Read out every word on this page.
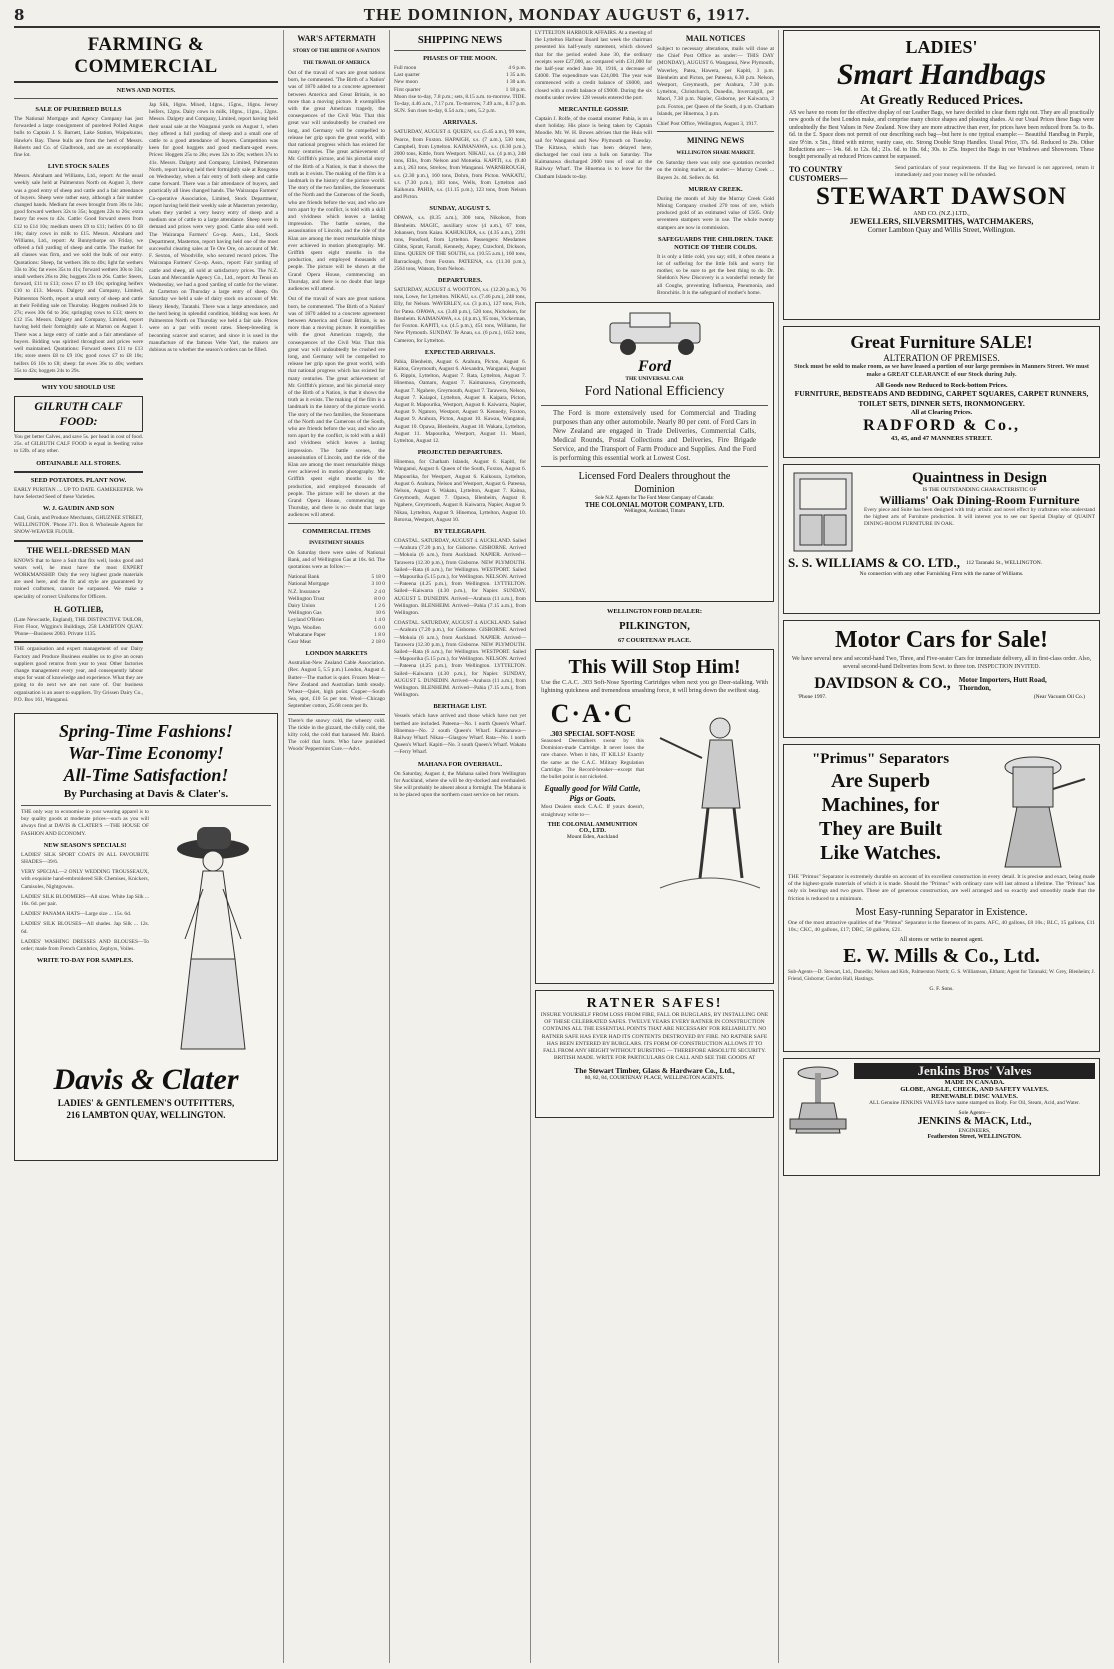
8	THE DOMINION, MONDAY AUGUST 6, 1917.
FARMING & COMMERCIAL
NEWS AND NOTES.
SALE OF PUREBRED BULLS

The National Mortgage and Agency Company has just forwarded a large consignment of purebred Polled Angus bulls to Captain J. S. Barnett, Lake Station, Waipukurau, Hawke's Bay. These bulls are from the herd of Messrs. Roberts and Co. of Gladbrook, and are an exceptionally fine lot.

LIVE STOCK SALES

Messrs. Abraham and Williams, Ltd., report: At the usual weekly sale held at Palmerston North on August 3, there was a good entry of sheep and cattle and a fair attendance of buyers. Sheep were rather easy, although a fair number changed hands. Medium fat ewes brought from 30s to 34s; good forward wethers 32s to 35s; hoggets 22s to 26s; extra heavy fat ewes to 42s. Cattle: Good forward steers from £12 to £14 10s; medium steers £9 to £11; heifers £6 to £8 10s; dairy cows in milk to £15. Messrs. Abraham and Williams, Ltd., report: At Bunnythorpe on Friday, we offered a full yarding of sheep and cattle. The market for all classes was firm, and we sold the bulk of our entry. Quotations: Sheep, fat wethers 38s to 40s; light fat wethers 33s to 36s; fat ewes 35s to 41s; forward wethers 30s to 33s; small wethers 26s to 28s; hoggets 23s to 26s. Cattle: Steers, forward, £11 to £13; cows £7 to £9 10s; springing heifers £10 to £13. Messrs. Dalgety and Company, Limited, Palmerston North, report a small entry of sheep and cattle at their Feilding sale on Thursday. Hoggets realised 24s to 27s; ewes 30s 6d to 36s; springing cows to £13; steers to £12 15s. Messrs. Dalgety and Company, Limited, report having held their fortnightly sale at Marton on August 1. There was a large entry of cattle and a fair attendance of buyers. Bidding was spirited throughout and prices were well maintained. Quotations: Forward steers £11 to £13 10s; store steers £8 to £9 10s; good cows £7 to £8 10s; heifers £6 10s to £8; sheep: fat ewes 36s to 40s; wethers 35s to 42s; hoggets 24s to 29s.

WHY YOU SHOULD USE
GILRUTH CALF FOOD:

You get better Calves, and save 5s. per head in cost of food. 25s. of GILRUTH CALF FOOD is equal in feeding value to 12lb. of any other.

OBTAINABLE ALL STORES.
SEED POTATOES. PLANT NOW.

EARLY PURITAN .... UP TO DATE. GAMEKEEPER. We have Selected Seed of these Varieties.

W. J. GAUDIN AND SON

Coal, Grain, and Produce Merchants, GHUZNEE STREET, WELLINGTON. 'Phone 371. Box 8. Wholesale Agents for SNOW-WEAVER FLOUR.

THE WELL-DRESSED MAN

KNOWS that to have a Suit that fits well, looks good and wears well, he must have the most EXPERT WORKMANSHIP. Only the very highest grade materials are used here, and the fit and style are guaranteed by trained craftsmen, cannot be surpassed. We make a speciality of correct Uniforms for Officers.

H. GOTLIEB,

(Late Newcastle, England), THE DISTINCTIVE TAILOR, First Floor, Wiggins's Buildings, 258 LAMBTON QUAY. 'Phone—Business 2003. Private 1135.

THE organisation and expert management of our Dairy Factory and Produce Business enables us to give an ocean suppliers good returns from year to year. Other factories change management every year, and consequently labour stops for want of knowledge and experience. What they are going to do next we are not sure of. Our business organisation is an asset to suppliers. Try Grissen Dairy Co., P.O. Box 161, Wanganui.

Jap Silk, 16gns. Mixed, 14gns., 15gns., 16gns. Jersey heifers, 12gns. Dairy cows in milk, 10gns., 11gns., 12gns. Messrs. Dalgety and Company, Limited, report having held their usual sale at the Wanganui yards on August 1, when they offered a full yarding of sheep and a small one of cattle to a good attendance of buyers. Competition was keen for good hoggets and good medium-aged ewes. Prices: Hoggets 25s to 28s; ewes 32s to 39s; wethers 37s to 41s. Messrs. Dalgety and Company, Limited, Palmerston North, report having held their fortnightly sale at Rongotea on Wednesday, when a fair entry of both sheep and cattle came forward. There was a fair attendance of buyers, and practically all lines changed hands. The Wairarapa Farmers' Co-operative Association, Limited, Stock Department, report having held their weekly sale at Masterton yesterday, when they yarded a very heavy entry of sheep and a medium one of cattle to a large attendance. Sheep were in demand and prices were very good. Cattle also sold well. The Wairarapa Farmers' Co-op. Assn., Ltd., Stock Department, Masterton, report having held one of the most successful clearing sales at Te Ore Ore, on account of Mr. F. Sexton, of Woodville, who secured record prices. The Wairarapa Farmers' Co-op. Assn., report: Fair yarding of cattle and sheep, all sold at satisfactory prices. The N.Z. Loan and Mercantile Agency Co., Ltd., report: At Tenui on Wednesday, we had a good yarding of cattle for the winter. At Carterton on Thursday a large entry of sheep. On Saturday we held a sale of dairy stock on account of Mr. Henry Hendy, Taratahi. There was a large attendance, and the herd being in splendid condition, bidding was keen. At Palmerston North on Thursday we held a fair sale. Prices were on a par with recent rates. Sheep-breeding is becoming scarcer and scarcer, and since it is used in the manufacture of the famous Velte Yarl, the makers are dubious as to whether the season's orders can be filled.

Spring-Time Fashions!
War-Time Economy!
All-Time Satisfaction!
By Purchasing at Davis & Clater's.

THE only way to economise in your wearing apparel is to buy quality goods at moderate prices—such as you will always find at DAVIS & CLATER'S —THE HOUSE OF FASHION AND ECONOMY.

NEW SEASON'S SPECIALS!

LADIES' SILK SPORT COATS IN ALL FAVOURITE SHADES—39/6.

VERY SPECIAL—2 ONLY WEDDING TROUSSEAUX, with exquisite hand-embroidered Silk Chemises, Knickers, Camisoles, Nightgowns.

LADIES' SILK BLOOMERS—All sizes. White Jap Silk ... 16s. 6d. per pair.

LADIES' PANAMA HATS—Large size ... 15s. 6d.

LADIES' SILK BLOUSES—All shades. Jap Silk ... 12s. 6d.

LADIES' WASHING DRESSES AND BLOUSES—To order; made from French Cambrics, Zephyrs, Voiles.

WRITE TO-DAY FOR SAMPLES.
Davis & Clater
LADIES' & GENTLEMEN'S OUTFITTERS,
216 LAMBTON QUAY, WELLINGTON.
WAR'S AFTERMATH
STORY OF THE BIRTH OF A NATION
THE TRAVAIL OF AMERICA

Out of the travail of wars are great nations born, he commented. 'The Birth of a Nation' was of 1870 added to a concrete agreement between America and Great Britain, is no more than a moving picture. It exemplifies with the great American tragedy, the consequences of the Civil War. That this great war will undoubtedly be crushed ere long, and Germany will be compelled to release her grip upon the great world, with that national progress which has existed for many centuries. The great achievement of Mr. Griffith's picture, and his pictorial story of the Birth of a Nation, is that it shows the truth as it exists. The making of the film is a landmark in the history of the picture world. The story of the two families, the Stonemans of the North and the Camerons of the South, who are friends before the war, and who are torn apart by the conflict, is told with a skill and vividness which leaves a lasting impression. The battle scenes, the assassination of Lincoln, and the ride of the Klan are among the most remarkable things ever achieved in motion photography. Mr. Griffith spent eight months in the production, and employed thousands of people. The picture will be shown at the Grand Opera House, commencing on Thursday, and there is no doubt that large audiences will attend.

Out of the travail of wars are great nations born, he commented. 'The Birth of a Nation' was of 1870 added to a concrete agreement between America and Great Britain, is no more than a moving picture. It exemplifies with the great American tragedy, the consequences of the Civil War. That this great war will undoubtedly be crushed ere long, and Germany will be compelled to release her grip upon the great world, with that national progress which has existed for many centuries. The great achievement of Mr. Griffith's picture, and his pictorial story of the Birth of a Nation, is that it shows the truth as it exists. The making of the film is a landmark in the history of the picture world. The story of the two families, the Stonemans of the North and the Camerons of the South, who are friends before the war, and who are torn apart by the conflict, is told with a skill and vividness which leaves a lasting impression. The battle scenes, the assassination of Lincoln, and the ride of the Klan are among the most remarkable things ever achieved in motion photography. Mr. Griffith spent eight months in the production, and employed thousands of people. The picture will be shown at the Grand Opera House, commencing on Thursday, and there is no doubt that large audiences will attend.

COMMERCIAL ITEMS
INVESTMENT SHARES

On Saturday there were sales of National Bank, and of Wellington Gas at 10s. 6d. The quotations were as follow:—

National Bank	5 18 0
National Mortgage	3 10 0
N.Z. Insurance	2 4 0
Wellington Trust	8 0 0
Dairy Union	1 2 6
Wellington Gas	10 6
Leyland O'Brien	1 4 0
Wgtn. Woollen	6 0 0
Whakatane Paper	1 8 0
Gear Meat	2 18 0
LONDON MARKETS

Australian-New Zealand Cable Association. (Rec. August 5, 5.5 p.m.) London, August 4. Butter—The market is quiet. Frozen Meat—New Zealand and Australian lamb steady. Wheat—Quiet, high point. Copper—South Sea, spot, £10 5s per ton. Wool—Chicago September cotton, 25.68 cents per lb.

There's the snowy cold, the wheezy cold. The tickle in the gizzard, the chilly cold, the kilty cold, the cold that harassed Mr. Baird. The cold that hurts. Who have punished Woods' Peppermint Cure.—Advt.

SHIPPING NEWS
PHASES OF THE MOON.
Full moon	4 6 p.m.
Last quarter	1 35 a.m.
New moon	1 30 a.m.
First quarter	1 18 p.m.

Moon rise to-day, 7.8 p.m.; sets, 8.15 a.m. to-morrow. TIDE. To-day, 4.46 a.m., 7.17 p.m. To-morrow, 7.49 a.m., 8.17 p.m. SUN. Sun rises to-day, 6.54 a.m.; sets, 5.2 p.m.

ARRIVALS.

SATURDAY, AUGUST 4. QUEEN, s.s. (5.45 a.m.), 99 tons, Pearce, from Foxton. HAPAIGH, s.s. (7 a.m.), 530 tons, Campbell, from Lyttelton. KAIMANAWA, s.s. (6.30 p.m.), 2000 tons, Kittle, from Westport. NIKAU, s.s. (4 p.m.), 248 tons, Ellis, from Nelson and Motueka. KAPITI, s.s. (9.40 a.m.), 263 tons, Strelow, from Wanganui. WARNBROUGH, s.s. (2.30 p.m.), 160 tons, Dohrn, from Picton. WAKATU, s.s. (7.30 p.m.), 183 tons, Wells, from Lyttelton and Kaikoura. PAHIA, s.s. (11.15 p.m.), 123 tons, from Nelson and Picton.

SUNDAY, AUGUST 5.

OPAWA, s.s. (8.35 a.m.), 300 tons, Nikolson, from Blenheim. MAGIC, auxiliary scow (4 a.m.), 67 tons, Johansen, from Kaiau. KAHUKURA, s.s. (4.35 a.m.), 2391 tons, Ponsford, from Lyttelton. Passengers: Mesdames Gibbs, Spratt, Farrall, Kennedy, Aspey, Crawford, Dickson, Elms. QUEEN OF THE SOUTH, s.s. (10.55 a.m.), 160 tons, Barraclough, from Foxton. PATEENA, s.s. (11.30 p.m.), 2564 tons, Watson, from Nelson.

DEPARTURES.

SATURDAY, AUGUST 4. WOOTTON, s.s. (12.20 p.m.), 76 tons, Lowe, for Lyttelton. NIKAU, s.s. (7.46 p.m.), 248 tons, Elly, for Nelson. WAVERLEY, s.s. (3 p.m.), 127 tons, Fick, for Patea. OPAWA, s.s. (3.40 p.m.), 520 tons, Nicholson, for Blenheim. KAIMANAWA, s.s. (4 p.m.), 95 tons, Vickerman, for Foxton. KAPITI, s.s. (4.5 p.m.), 451 tons, Williams, for New Plymouth. SUNDAY. Te Anau, s.s. (6 p.m.), 1652 tons, Cameron, for Lyttelton.

EXPECTED ARRIVALS.

Pahia, Blenheim, August 6. Arahura, Picton, August 6. Kaitoa, Greymouth, August 6. Alexandra, Wanganui, August 6. Rippin, Lyttelton, August 7. Rata, Lyttelton, August 7. Hinemoa, Oamaru, August 7. Kaimanawa, Greymouth, August 7. Ngahere, Greymouth, August 7. Tarawera, Nelson, August 7. Kaiapoi, Lyttelton, August 8. Kaipara, Picton, August 8. Mapourika, Westport, August 8. Kaiwarra, Napier, August 9. Ngatoro, Westport, August 9. Kennedy, Foxton, August 9. Arahura, Picton, August 10. Kawau, Wanganui, August 10. Opawa, Blenheim, August 10. Wakatu, Lyttelton, August 11. Mapourika, Westport, August 11. Maori, Lyttelton, August 12.

PROJECTED DEPARTURES.

Hinemoa, for Chatham Islands, August 6. Kapiti, for Wanganui, August 6. Queen of the South, Foxton, August 6. Mapourika, for Westport, August 6. Kaikoura, Lyttelton, August 6. Arahura, Nelson and Westport, August 6. Pateena, Nelson, August 6. Wakatu, Lyttelton, August 7. Kaitoa, Greymouth, August 7. Opawa, Blenheim, August 8. Ngahere, Greymouth, August 8. Kaiwarra, Napier, August 9. Nikau, Lyttelton, August 9. Hinemoa, Lyttelton, August 10. Rotorua, Westport, August 10.

BY TELEGRAPH.

COASTAL. SATURDAY, AUGUST 4. AUCKLAND. Sailed—Arahura (7.20 p.m.), for Gisborne. GISBORNE. Arrived—Mokoia (6 a.m.), from Auckland. NAPIER. Arrived—Tarawera (12.30 p.m.), from Gisborne. NEW PLYMOUTH. Sailed—Rata (6 a.m.), for Wellington. WESTPORT. Sailed—Mapourika (5.15 p.m.), for Wellington. NELSON. Arrived—Pateena (4.25 p.m.), from Wellington. LYTTELTON. Sailed—Kaiwarra (4.30 p.m.), for Napier. SUNDAY, AUGUST 5. DUNEDIN. Arrived—Arahura (11 a.m.), from Wellington. BLENHEIM. Arrived—Pahia (7.15 a.m.), from Wellington.

COASTAL. SATURDAY, AUGUST 4. AUCKLAND. Sailed—Arahura (7.20 p.m.), for Gisborne. GISBORNE. Arrived—Mokoia (6 a.m.), from Auckland. NAPIER. Arrived—Tarawera (12.30 p.m.), from Gisborne. NEW PLYMOUTH. Sailed—Rata (6 a.m.), for Wellington. WESTPORT. Sailed—Mapourika (5.15 p.m.), for Wellington. NELSON. Arrived—Pateena (4.25 p.m.), from Wellington. LYTTELTON. Sailed—Kaiwarra (4.30 p.m.), for Napier. SUNDAY, AUGUST 5. DUNEDIN. Arrived—Arahura (11 a.m.), from Wellington. BLENHEIM. Arrived—Pahia (7.15 a.m.), from Wellington.

BERTHAGE LIST.

Vessels which have arrived and those which have not yet berthed are included. Pateena—No. 1 north Queen's Wharf. Hinemoa—No. 2 south Queen's Wharf. Kaimanawa—Railway Wharf. Nikau—Glasgow Wharf. Rata—No. 1 north Queen's Wharf. Kapiti—No. 3 south Queen's Wharf. Wakatu—Ferry Wharf.

MAHANA FOR OVERHAUL.

On Saturday, August 4, the Mahana sailed from Wellington for Auckland, where she will be dry-docked and overhauled. She will probably be absent about a fortnight. The Mahana is to be placed upon the northern coast service on her return.

LYTTELTON HARBOUR AFFAIRS. At a meeting of the Lyttelton Harbour Board last week the chairman presented his half-yearly statement, which showed that for the period ended June 30, the ordinary receipts were £27,000, as compared with £31,000 for the half-year ended June 30, 1916, a decrease of £4000. The expenditure was £24,000. The year was commenced with a credit balance of £6000, and closed with a credit balance of £9000. During the six months under review 128 vessels entered the port.

MERCANTILE GOSSIP.

Captain J. Rolfe, of the coastal steamer Pahia, is on a short holiday. His place is being taken by Captain Moodie. Mr. W. H. Bowes advises that the Huia will sail for Wanganui and New Plymouth on Tuesday. The Kittawa, which has been delayed here, discharged her coal into a hulk on Saturday. The Kaimanawa discharged 2000 tons of coal at the Railway Wharf. The Hinemoa is to leave for the Chatham Islands to-day.

MAIL NOTICES

Subject to necessary alterations, mails will close at the Chief Post Office as under:— THIS DAY (MONDAY), AUGUST 6. Wanganui, New Plymouth, Waverley, Patea, Hawera, per Kapiti, 3 p.m. Blenheim and Picton, per Pateena, 6.30 p.m. Nelson, Westport, Greymouth, per Arahura, 7.30 p.m. Lyttelton, Christchurch, Dunedin, Invercargill, per Maori, 7.30 p.m. Napier, Gisborne, per Kaiwarra, 3 p.m. Foxton, per Queen of the South, 4 p.m. Chatham Islands, per Hinemoa, 3 p.m.

Chief Post Office, Wellington, August 3, 1917.

MINING NEWS
WELLINGTON SHARE MARKET.

On Saturday there was only one quotation recorded on the mining market, as under:— Murray Creek ... Buyers 2s. 4d. Sellers 4s. 6d.

MURRAY CREEK.

During the month of July the Murray Creek Gold Mining Company crushed 270 tons of ore, which produced gold of an estimated value of £505. Only seventeen stampers were in use. The whole twenty stampers are now in commission.

SAFEGUARDS THE CHILDREN. TAKE NOTICE OF THEIR COLDS.

It is only a little cold, you say; still, it often means a lot of suffering for the little folk and worry for mother, so be sure to get the best thing to do. Dr. Sheldon's New Discovery is a wonderful remedy for all Coughs, preventing Influenza, Pneumonia, and Bronchitis. It is the safeguard of mother's home.

Ford
THE UNIVERSAL CAR
Ford National Efficiency

The Ford is more extensively used for Commercial and Trading purposes than any other automobile. Nearly 80 per cent. of Ford Cars in New Zealand are engaged in Trade Deliveries, Commercial Calls, Medical Rounds, Postal Collections and Deliveries, Fire Brigade Service, and the Transport of Farm Produce and Supplies. And the Ford is performing this essential work at Lowest Cost.

Licensed Ford Dealers throughout the Dominion
Sole N.Z. Agents for The Ford Motor Company of Canada:
THE COLONIAL MOTOR COMPANY, LTD.
Wellington, Auckland, Timaru
WELLINGTON FORD DEALER:
PILKINGTON,
67 COURTENAY PLACE.
This Will Stop Him!

Use the C.A.C. .303 Soft-Nose Sporting Cartridges when next you go Deer-stalking. With lightning quickness and tremendous smashing force, it will bring down the swiftest stag.

C·A·C
.303 SPECIAL SOFT-NOSE

Seasoned Deerstalkers swear by this Dominion-made Cartridge. It never loses the rare chance. When it hits, IT KILLS! Exactly the same as the C.A.C. Military Regulation Cartridge. The Record-breaker—except that the bullet point is not nickeled.

Equally good for Wild Cattle, Pigs or Goats.

Most Dealers stock C.A.C. If yours doesn't, straightway write to—

THE COLONIAL AMMUNITION CO., LTD.
Mount Eden, Auckland
RATNER SAFES!

INSURE YOURSELF FROM LOSS FROM FIRE, FALL OR BURGLARS, BY INSTALLING ONE OF THESE CELEBRATED SAFES. TWELVE YEARS EVERY RATNER IN CONSTRUCTION CONTAINS ALL THE ESSENTIAL POINTS THAT ARE NECESSARY FOR RELIABILITY. NO RATNER SAFE HAS EVER HAD ITS CONTENTS DESTROYED BY FIRE. NO RATNER SAFE HAS BEEN ENTERED BY BURGLARS. ITS FORM OF CONSTRUCTION ALLOWS IT TO FALL FROM ANY HEIGHT WITHOUT BURSTING — THEREFORE ABSOLUTE SECURITY. BRITISH MADE. WRITE FOR PARTICULARS OR CALL AND SEE THE GOODS AT

The Stewart Timber, Glass & Hardware Co., Ltd.,
80, 82, 84, COURTENAY PLACE, WELLINGTON AGENTS.
LADIES'
Smart Handbags
At Greatly Reduced Prices.

AS we have no room for the effective display of our Leather Bags, we have decided to clear them right out. They are all practically new goods of the best London make, and comprise many choice shapes and pleasing shades. At our Usual Prices these Bags were undoubtedly the Best Values in New Zealand. Now they are more attractive than ever, for prices have been reduced from 5s. to 8s. 6d. in the £. Space does not permit of our describing each bag—but here is one typical example:— Beautiful Handbag in Purple, size 9½in. x 5in., fitted with mirror, vanity case, etc. Strong Double Strap Handles. Usual Price, 37s. 6d. Reduced to 29s. Other Reductions are:— 14s. 6d. to 12s. 6d.; 21s. 6d. to 18s. 6d.; 30s. to 25s. Inspect the Bags in our Windows and Showroom. These bought personally at reduced Prices cannot be surpassed.

TO COUNTRY CUSTOMERS—

Send particulars of your requirements. If the Bag we forward is not approved, return it immediately and your money will be refunded.

STEWART DAWSON
AND CO. (N.Z.) LTD.,
JEWELLERS, SILVERSMITHS, WATCHMAKERS,
Corner Lambton Quay and Willis Street, Wellington.
Great Furniture SALE!
ALTERATION OF PREMISES.

Stock must be sold to make room, as we have leased a portion of our large premises in Manners Street. We must make a GREAT CLEARANCE of our Stock during July.

All Goods now Reduced to Rock-bottom Prices.
FURNITURE, BEDSTEADS AND BEDDING, CARPET SQUARES, CARPET RUNNERS, TOILET SETS, DINNER SETS, IRONMONGERY.
All at Clearing Prices.
RADFORD & Co.,
43, 45, and 47 MANNERS STREET.
Quaintness in Design
IS THE OUTSTANDING CHARACTERISTIC OF
Williams' Oak Dining-Room Furniture

Every piece and Suite has been designed with truly artistic and novel effect by craftsmen who understand the highest arts of Furniture production. It will interest you to see our Special Display of QUAINT DINING-ROOM FURNITURE IN OAK.

S. S. WILLIAMS & CO. LTD., 112 Taranaki St., WELLINGTON.
No connection with any other Furnishing Firm with the name of Williams.
Motor Cars for Sale!

We have several new and second-hand Two, Three, and Five-seater Cars for immediate delivery, all in first-class order. Also, several second-hand Deliveries from Scwt. to three ton. INSPECTION INVITED.

DAVIDSON & CO., Motor Importers, Hutt Road, Thorndon,
'Phone 1997.	(Near Vacuum Oil Co.)
"Primus" Separators
Are Superb
Machines, for
They are Built
Like Watches.

THE "Primus" Separator is extremely durable on account of its excellent construction in every detail. It is precise and exact, being made of the highest-grade materials of which it is made. Should the "Primus" with ordinary care will last almost a lifetime. The "Primus" has only six bearings and two gears. These are of generous construction, are well arranged and so exactly and smoothly made that the friction is reduced to a minimum.

Most Easy-running Separator in Existence.

One of the most attractive qualities of the "Primus" Separator is the fineness of its parts. AFC, 40 gallons, £8 10s.; BLC, 15 gallons, £11 10s.; CKC, 40 gallons, £17; DBC, 50 gallons, £21.

All stores or write to nearest agent.
E. W. Mills & Co., Ltd.

Sub-Agents—D. Stewart, Ltd., Dunedin; Nelson and Kirk, Palmerston North; G. S. Williamson, Eltham; Agent for Taranaki; W. Grey, Blenheim; J. Friend, Gisborne; Gordon Hall, Hastings.

G. F. Sons.
Jenkins Bros' Valves
MADE IN CANADA.
GLOBE, ANGLE, CHECK, AND SAFETY VALVES.
RENEWABLE DISC VALVES.

ALL Genuine JENKINS VALVES have name stamped on Body. For Oil, Steam, Acid, and Water.

Sole Agents—
JENKINS & MACK, Ltd.,
ENGINEERS,
Featherston Street, WELLINGTON.
